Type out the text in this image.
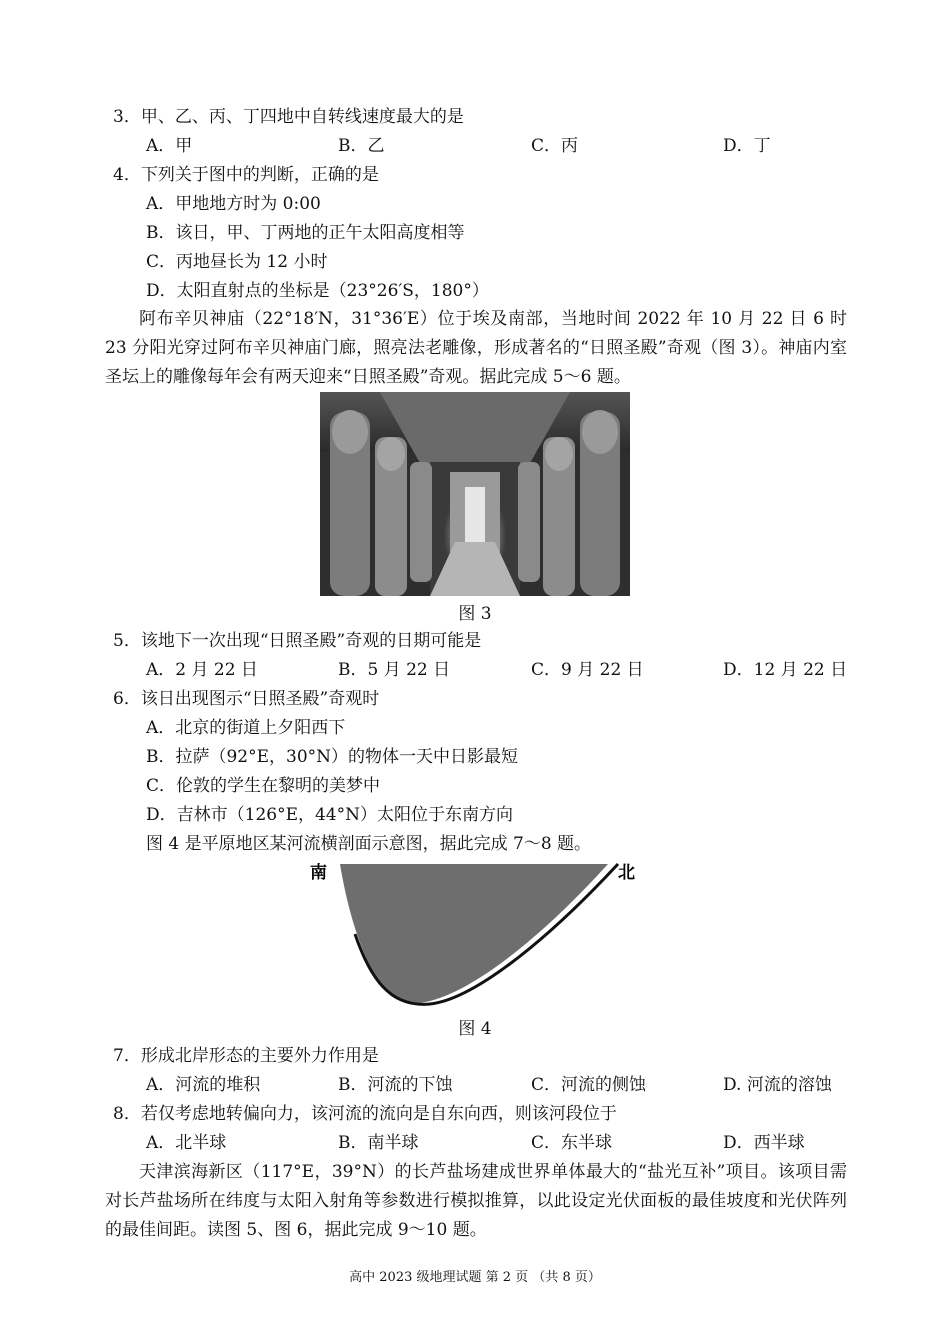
3．甲、乙、丙、丁四地中自转线速度最大的是
A．甲	B．乙	C．丙	D．丁
4．下列关于图中的判断，正确的是
A．甲地地方时为 0:00
B．该日，甲、丁两地的正午太阳高度相等
C．丙地昼长为 12 小时
D．太阳直射点的坐标是（23°26′S，180°）
阿布辛贝神庙（22°18′N，31°36′E）位于埃及南部，当地时间 2022 年 10 月 22 日 6 时 23 分阳光穿过阿布辛贝神庙门廊，照亮法老雕像，形成著名的“日照圣殿”奇观（图 3）。神庙内室圣坛上的雕像每年会有两天迎来“日照圣殿”奇观。据此完成 5～6 题。
图 3
5．该地下一次出现“日照圣殿”奇观的日期可能是
A．2 月 22 日	B．5 月 22 日	C．9 月 22 日	D．12 月 22 日
6．该日出现图示“日照圣殿”奇观时
A．北京的街道上夕阳西下
B．拉萨（92°E，30°N）的物体一天中日影最短
C．伦敦的学生在黎明的美梦中
D．吉林市（126°E，44°N）太阳位于东南方向
图 4 是平原地区某河流横剖面示意图，据此完成 7～8 题。
南	北
图 4
7．形成北岸形态的主要外力作用是
A．河流的堆积	B．河流的下蚀	C．河流的侧蚀	D. 河流的溶蚀
8．若仅考虑地转偏向力，该河流的流向是自东向西，则该河段位于
A．北半球	B．南半球	C．东半球	D．西半球
天津滨海新区（117°E，39°N）的长芦盐场建成世界单体最大的“盐光互补”项目。该项目需对长芦盐场所在纬度与太阳入射角等参数进行模拟推算，以此设定光伏面板的最佳坡度和光伏阵列的最佳间距。读图 5、图 6，据此完成 9～10 题。
高中 2023 级地理试题 第 2 页 （共 8 页）
